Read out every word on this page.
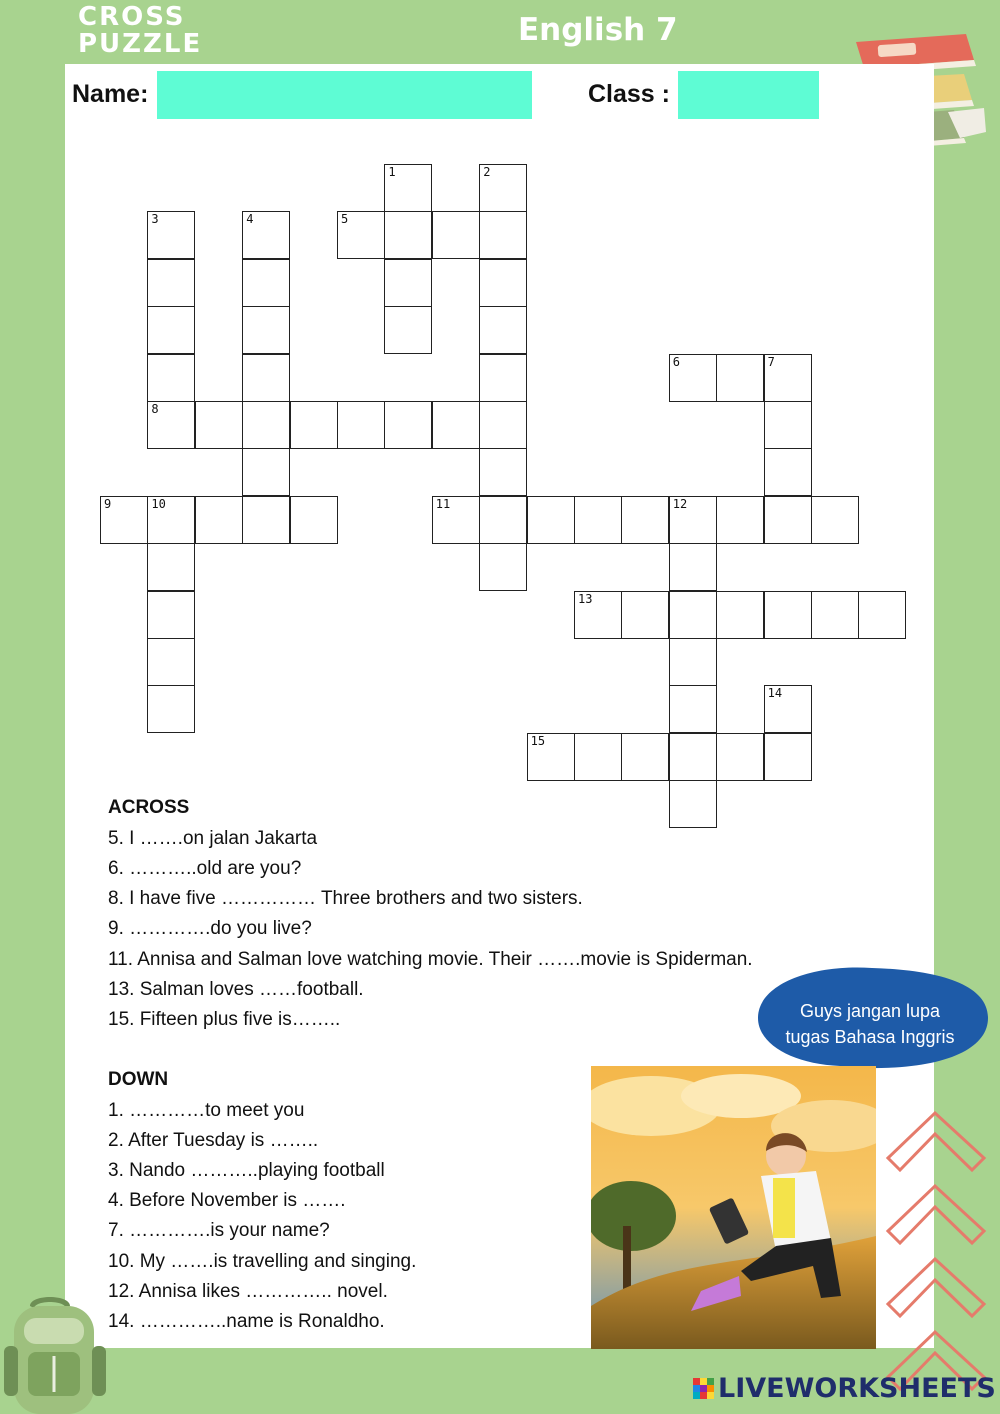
CROSS
PUZZLE	English 7
Name:	Class :
1	2
3
8
4
7
10	12
14
5
6
9	11
13
15
ACROSS
5. I …….on jalan Jakarta
6. ………..old are you?
8. I have five …………… Three brothers and two sisters.
9. ………….do you live?
11. Annisa and Salman love watching movie. Their …….movie is Spiderman.
13. Salman loves ……football.
15. Fifteen plus five is……..
DOWN
1. …………to meet you
2. After Tuesday is ……..
3. Nando ………..playing football
4. Before November is …….
7. ………….is your name?
10. My …….is travelling and singing.
12. Annisa likes ………….. novel.
14. …………..name is Ronaldho.
Guys jangan lupa
tugas Bahasa Inggris
LIVEWORKSHEETS
